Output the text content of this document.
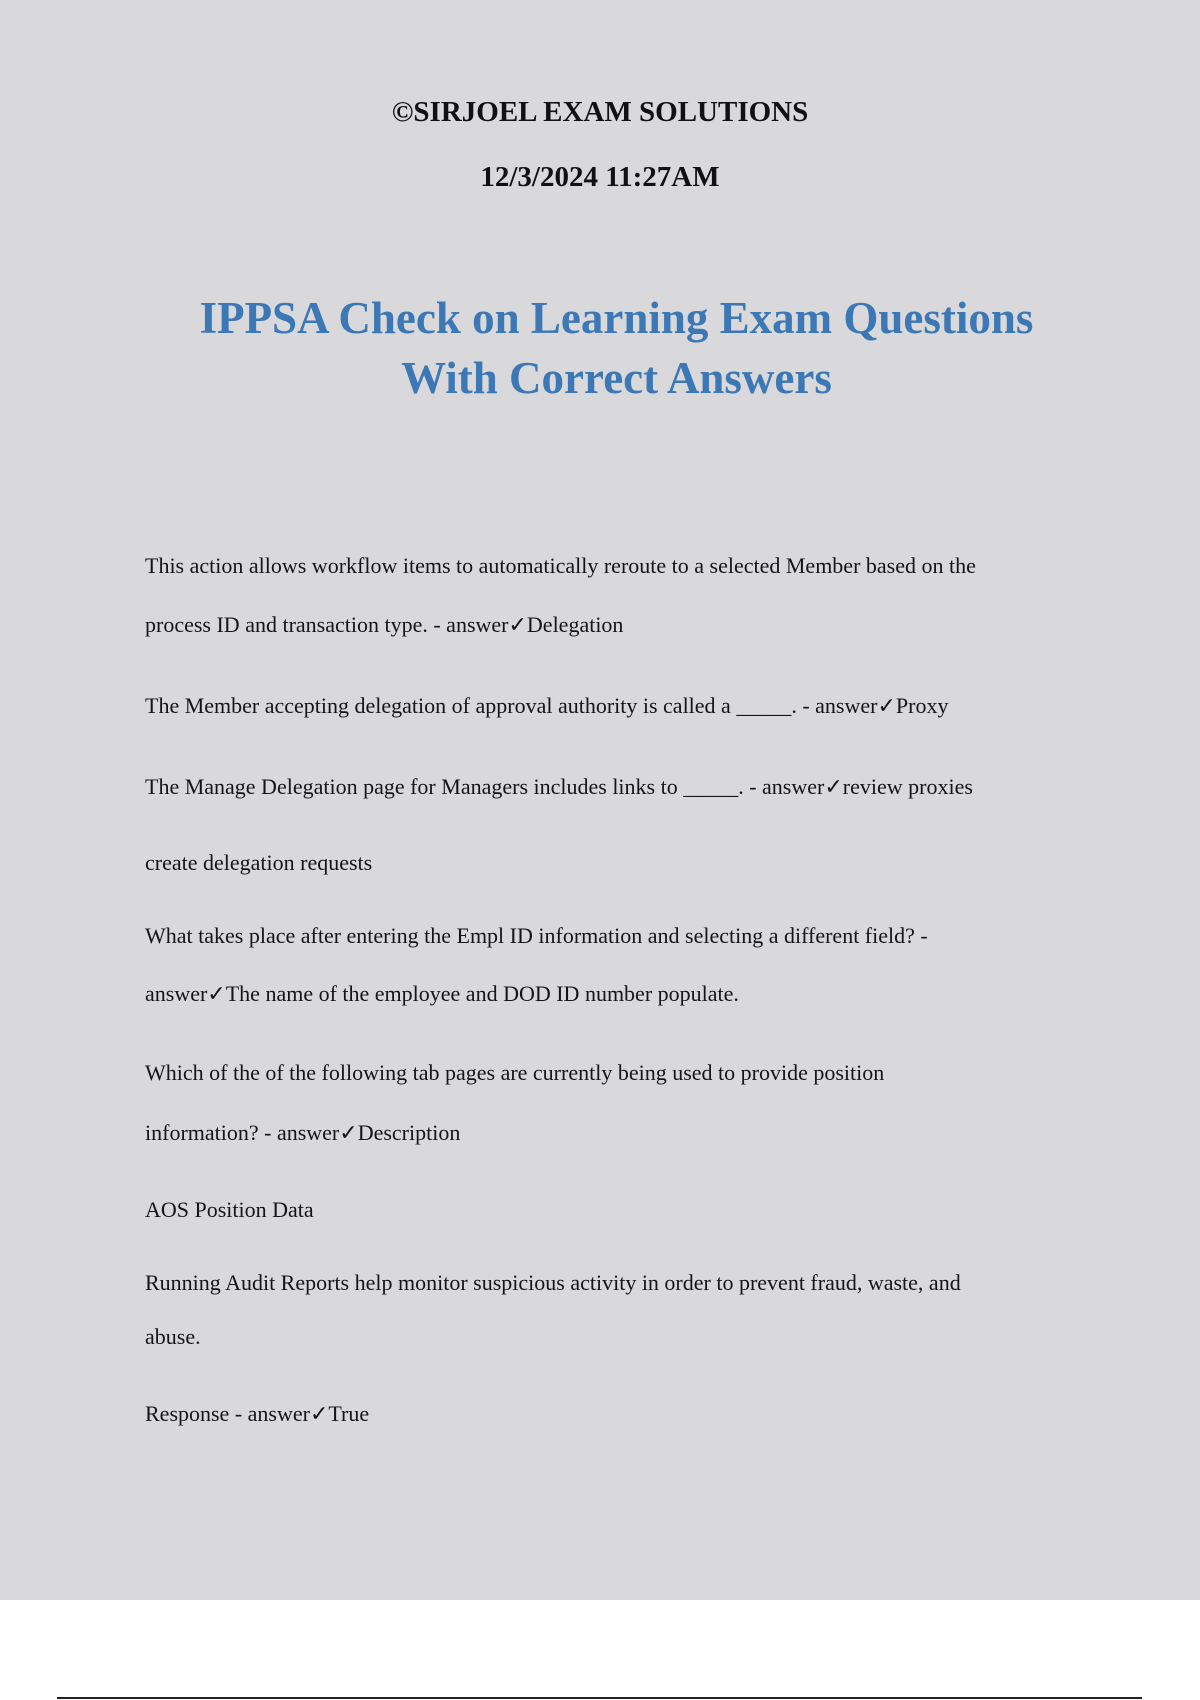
©SIRJOEL EXAM SOLUTIONS

12/3/2024 11:27AM

IPPSA Check on Learning Exam Questions
With Correct Answers

This action allows workflow items to automatically reroute to a selected Member based on the

process ID and transaction type. - answer✓Delegation

The Member accepting delegation of approval authority is called a _____. - answer✓Proxy

The Manage Delegation page for Managers includes links to _____. - answer✓review proxies

create delegation requests

What takes place after entering the Empl ID information and selecting a different field? -

answer✓The name of the employee and DOD ID number populate.

Which of the of the following tab pages are currently being used to provide position

information? - answer✓Description

AOS Position Data

Running Audit Reports help monitor suspicious activity in order to prevent fraud, waste, and

abuse.

Response - answer✓True
